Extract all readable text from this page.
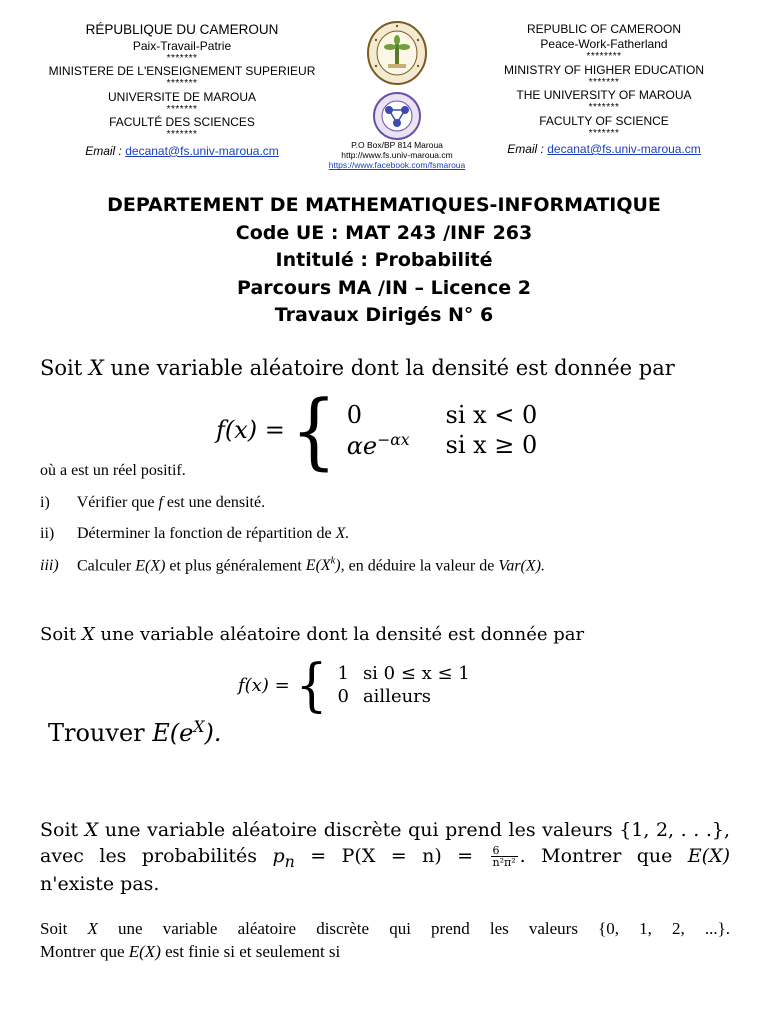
RÉPUBLIQUE DU CAMEROUN
Paix-Travail-Patrie
*******
MINISTERE DE L'ENSEIGNEMENT SUPERIEUR
*******
UNIVERSITE DE MAROUA
*******
FACULTÉ DES SCIENCES
*******
Email : decanat@fs.univ-maroua.cm	P.O Box/BP 814 Maroua
http://www.fs.univ-maroua.cm
https://www.facebook.com/fsmaroua
REPUBLIC OF CAMEROON
Peace-Work-Fatherland
********
MINISTRY OF HIGHER EDUCATION
*******
THE UNIVERSITY OF MAROUA
*******
FACULTY OF SCIENCE
*******
Email : decanat@fs.univ-maroua.cm
DEPARTEMENT DE MATHEMATIQUES-INFORMATIQUE
Code UE : MAT 243 /INF 263
Intitulé : Probabilité
Parcours MA /IN – Licence 2
Travaux Dirigés N° 6
Soit X une variable aléatoire dont la densité est donnée par
f(x) = { 0	si x < 0
$\alpha e^{-\alpha x}$	si x ≥ 0
où a est un réel positif.
i) Vérifier que f est une densité.
ii) Déterminer la fonction de répartition de X.
iii) Calculer E(X) et plus généralement $E(X^k)$, en déduire la valeur de Var(X).
Soit X une variable aléatoire dont la densité est donnée par
f(x) = { 1	si 0 ≤ x ≤ 1
0	ailleurs
Trouver $E(e^X)$.
Soit X une variable aléatoire discrète qui prend les valeurs {1, 2, . . .},
avec les probabilités $p_n = P(X = n) = \frac{6}{\text{n²π²}}$ . Montrer que E(X)
n'existe pas.
Soit X une variable aléatoire discrète qui prend les valeurs {0, 1, 2, ...}.
Montrer que E(X) est finie si et seulement si
